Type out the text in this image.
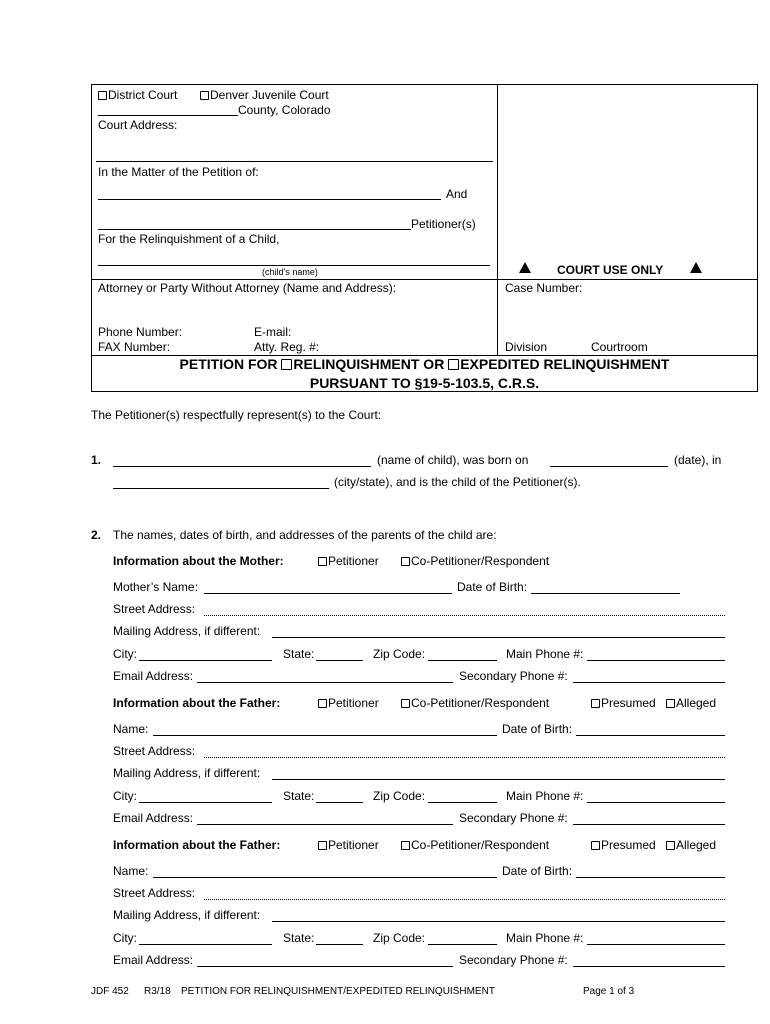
District Court	Denver Juvenile Court
County, Colorado
Court Address:
In the Matter of the Petition of:
And
Petitioner(s)
For the Relinquishment of a Child,
(child’s name)
Attorney or Party Without Attorney (Name and Address):
Phone Number:	E-mail:
FAX Number:	Atty. Reg. #:
COURT USE ONLY
Case Number:
Division	Courtroom
PETITION FOR RELINQUISHMENT OR EXPEDITED RELINQUISHMENT
PURSUANT TO §19-5-103.5, C.R.S.
The Petitioner(s) respectfully represent(s) to the Court:
1.	(name of child), was born on	(date), in
(city/state), and is the child of the Petitioner(s).
2. The names, dates of birth, and addresses of the parents of the child are:
Information about the Mother:	Petitioner	Co-Petitioner/Respondent
Mother’s Name:	Date of Birth:
Street Address:
Mailing Address, if different:
City:	State:	Zip Code:	Main Phone #:
Email Address:	Secondary Phone #:
Information about the Father:	Petitioner	Co-Petitioner/Respondent	Presumed	Alleged
Name:	Date of Birth:
Street Address:
Mailing Address, if different:
City:	State:	Zip Code:	Main Phone #:
Email Address:	Secondary Phone #:
Information about the Father:	Petitioner	Co-Petitioner/Respondent	Presumed	Alleged
Name:	Date of Birth:
Street Address:
Mailing Address, if different:
City:	State:	Zip Code:	Main Phone #:
Email Address:	Secondary Phone #:
JDF 452 R3/18 PETITION FOR RELINQUISHMENT/EXPEDITED RELINQUISHMENT	Page 1 of 3
